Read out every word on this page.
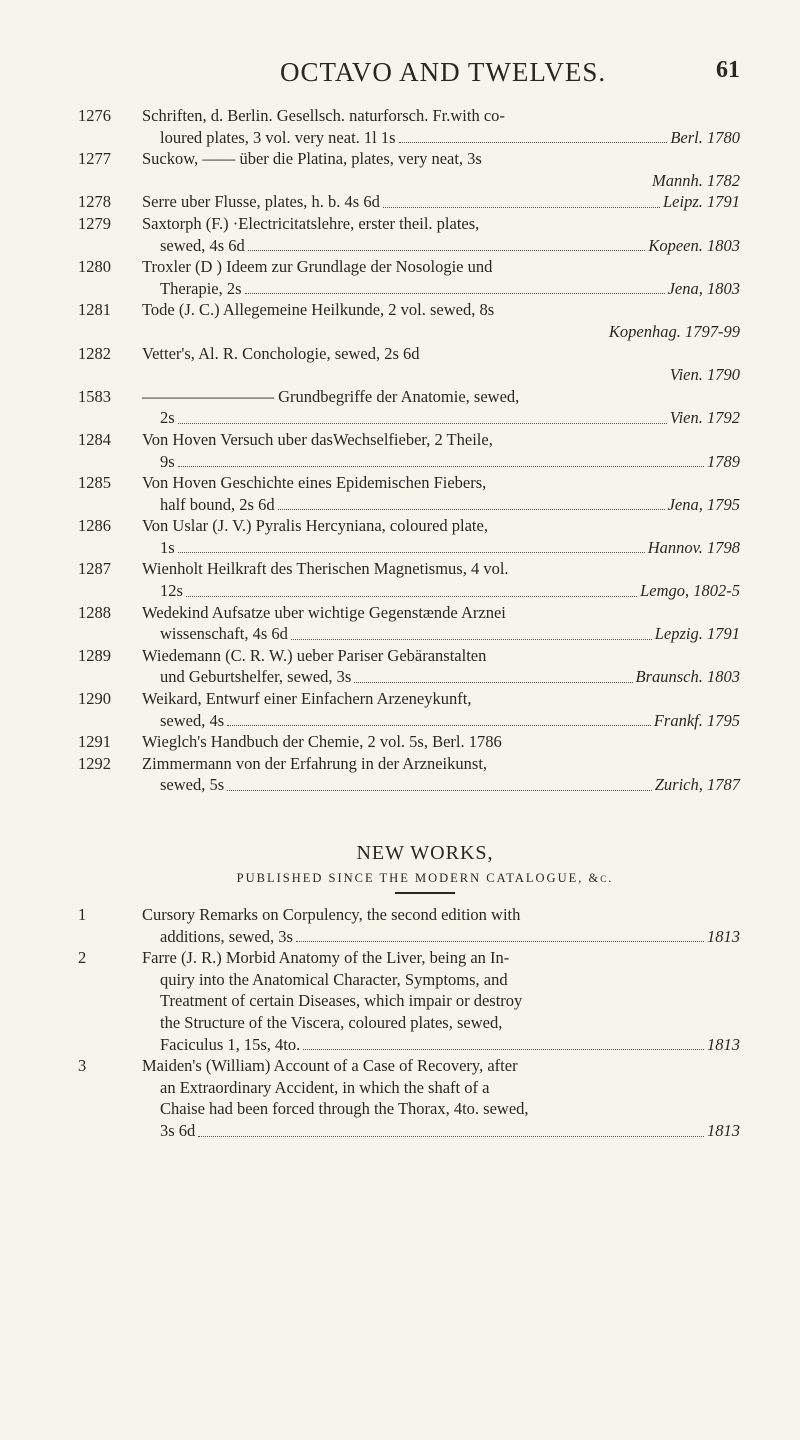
OCTAVO AND TWELVES.	61
1276	Schriften, d. Berlin. Gesellsch. naturforsch. Fr.with co-
loured plates, 3 vol. very neat. 1l 1s	Berl. 1780
1277	Suckow, —— über die Platina, plates, very neat, 3s
Mannh. 1782
1278	Serre uber Flusse, plates, h. b. 4s 6d	Leipz. 1791
1279	Saxtorph (F.) ·Electricitatslehre, erster theil. plates,
sewed, 4s 6d	Kopeen. 1803
1280	Troxler (D ) Ideem zur Grundlage der Nosologie und
Therapie, 2s	Jena, 1803
1281	Tode (J. C.) Allegemeine Heilkunde, 2 vol. sewed, 8s
Kopenhag. 1797-99
1282	Vetter's, Al. R. Conchologie, sewed, 2s 6d
Vien. 1790
1583	———————— Grundbegriffe der Anatomie, sewed,
2s	Vien. 1792
1284	Von Hoven Versuch uber dasWechselfieber, 2 Theile,
9s	1789
1285	Von Hoven Geschichte eines Epidemischen Fiebers,
half bound, 2s 6d	Jena, 1795
1286	Von Uslar (J. V.) Pyralis Hercyniana, coloured plate,
1s	Hannov. 1798
1287	Wienholt Heilkraft des Therischen Magnetismus, 4 vol.
12s	Lemgo, 1802-5
1288	Wedekind Aufsatze uber wichtige Gegenstænde Arznei
wissenschaft, 4s 6d	Lepzig. 1791
1289	Wiedemann (C. R. W.) ueber Pariser Gebäranstalten
und Geburtshelfer, sewed, 3s	Braunsch. 1803
1290	Weikard, Entwurf einer Einfachern Arzeneykunft,
sewed, 4s	Frankf. 1795
1291	Wieglch's Handbuch der Chemie, 2 vol. 5s, Berl. 1786
1292	Zimmermann von der Erfahrung in der Arzneikunst,
sewed, 5s	Zurich, 1787
NEW WORKS,
PUBLISHED SINCE THE MODERN CATALOGUE, &c.
1	Cursory Remarks on Corpulency, the second edition with
additions, sewed, 3s	1813
2	Farre (J. R.) Morbid Anatomy of the Liver, being an In-
quiry into the Anatomical Character, Symptoms, and
Treatment of certain Diseases, which impair or destroy
the Structure of the Viscera, coloured plates, sewed,
Faciculus 1, 15s, 4to.	1813
3	Maiden's (William) Account of a Case of Recovery, after
an Extraordinary Accident, in which the shaft of a
Chaise had been forced through the Thorax, 4to. sewed,
3s 6d	1813
